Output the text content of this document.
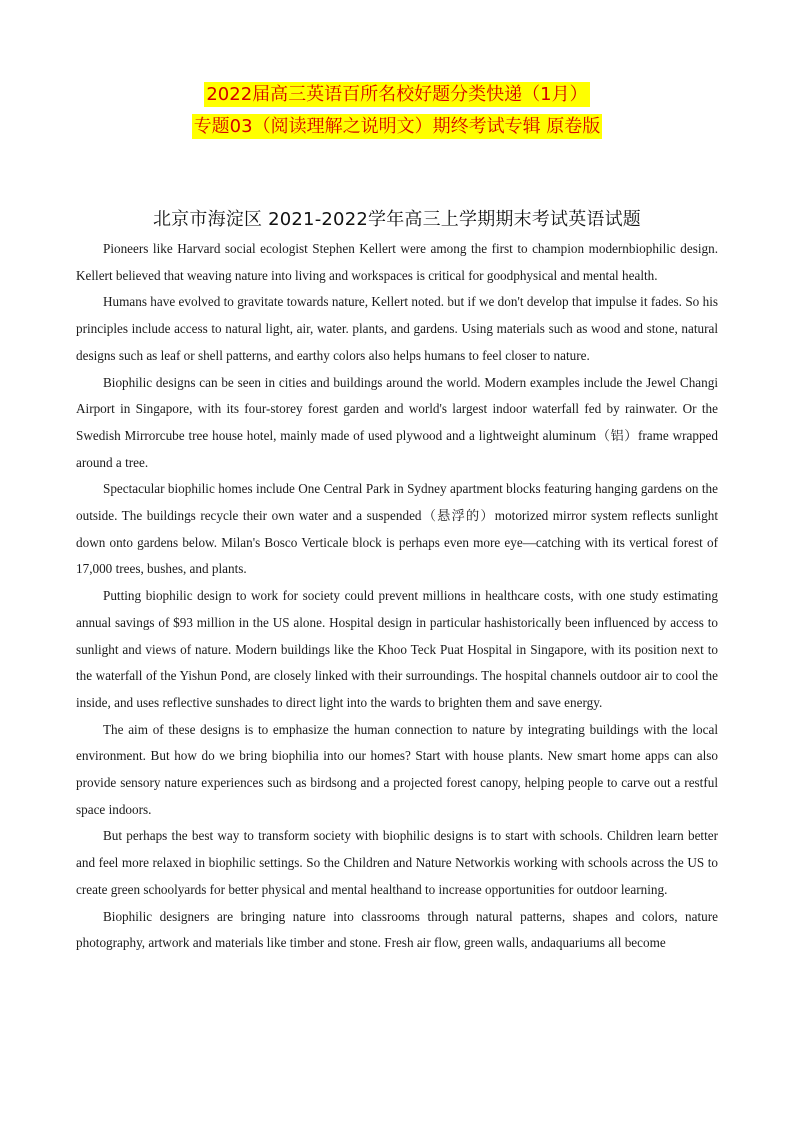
2022届高三英语百所名校好题分类快递（1月）
专题03（阅读理解之说明文）期终考试专辑 原卷版
北京市海淀区 2021-2022学年高三上学期期末考试英语试题

Pioneers like Harvard social ecologist Stephen Kellert were among the first to champion modernbiophilic design. Kellert believed that weaving nature into living and workspaces is critical for goodphysical and mental health.

Humans have evolved to gravitate towards nature, Kellert noted. but if we don't develop that impulse it fades. So his principles include access to natural light, air, water. plants, and gardens. Using materials such as wood and stone, natural designs such as leaf or shell patterns, and earthy colors also helps humans to feel closer to nature.

Biophilic designs can be seen in cities and buildings around the world. Modern examples include the Jewel Changi Airport in Singapore, with its four-storey forest garden and world's largest indoor waterfall fed by rainwater. Or the Swedish Mirrorcube tree house hotel, mainly made of used plywood and a lightweight aluminum（铝）frame wrapped around a tree.

Spectacular biophilic homes include One Central Park in Sydney apartment blocks featuring hanging gardens on the outside. The buildings recycle their own water and a suspended（悬浮的）motorized mirror system reflects sunlight down onto gardens below. Milan's Bosco Verticale block is perhaps even more eye—catching with its vertical forest of 17,000 trees, bushes, and plants.

Putting biophilic design to work for society could prevent millions in healthcare costs, with one study estimating annual savings of $93 million in the US alone. Hospital design in particular hashistorically been influenced by access to sunlight and views of nature. Modern buildings like the Khoo Teck Puat Hospital in Singapore, with its position next to the waterfall of the Yishun Pond, are closely linked with their surroundings. The hospital channels outdoor air to cool the inside, and uses reflective sunshades to direct light into the wards to brighten them and save energy.

The aim of these designs is to emphasize the human connection to nature by integrating buildings with the local environment. But how do we bring biophilia into our homes? Start with house plants. New smart home apps can also provide sensory nature experiences such as birdsong and a projected forest canopy, helping people to carve out a restful space indoors.

But perhaps the best way to transform society with biophilic designs is to start with schools. Children learn better and feel more relaxed in biophilic settings. So the Children and Nature Networkis working with schools across the US to create green schoolyards for better physical and mental healthand to increase opportunities for outdoor learning.

Biophilic designers are bringing nature into classrooms through natural patterns, shapes and colors, nature photography, artwork and materials like timber and stone. Fresh air flow, green walls, andaquariums all become
